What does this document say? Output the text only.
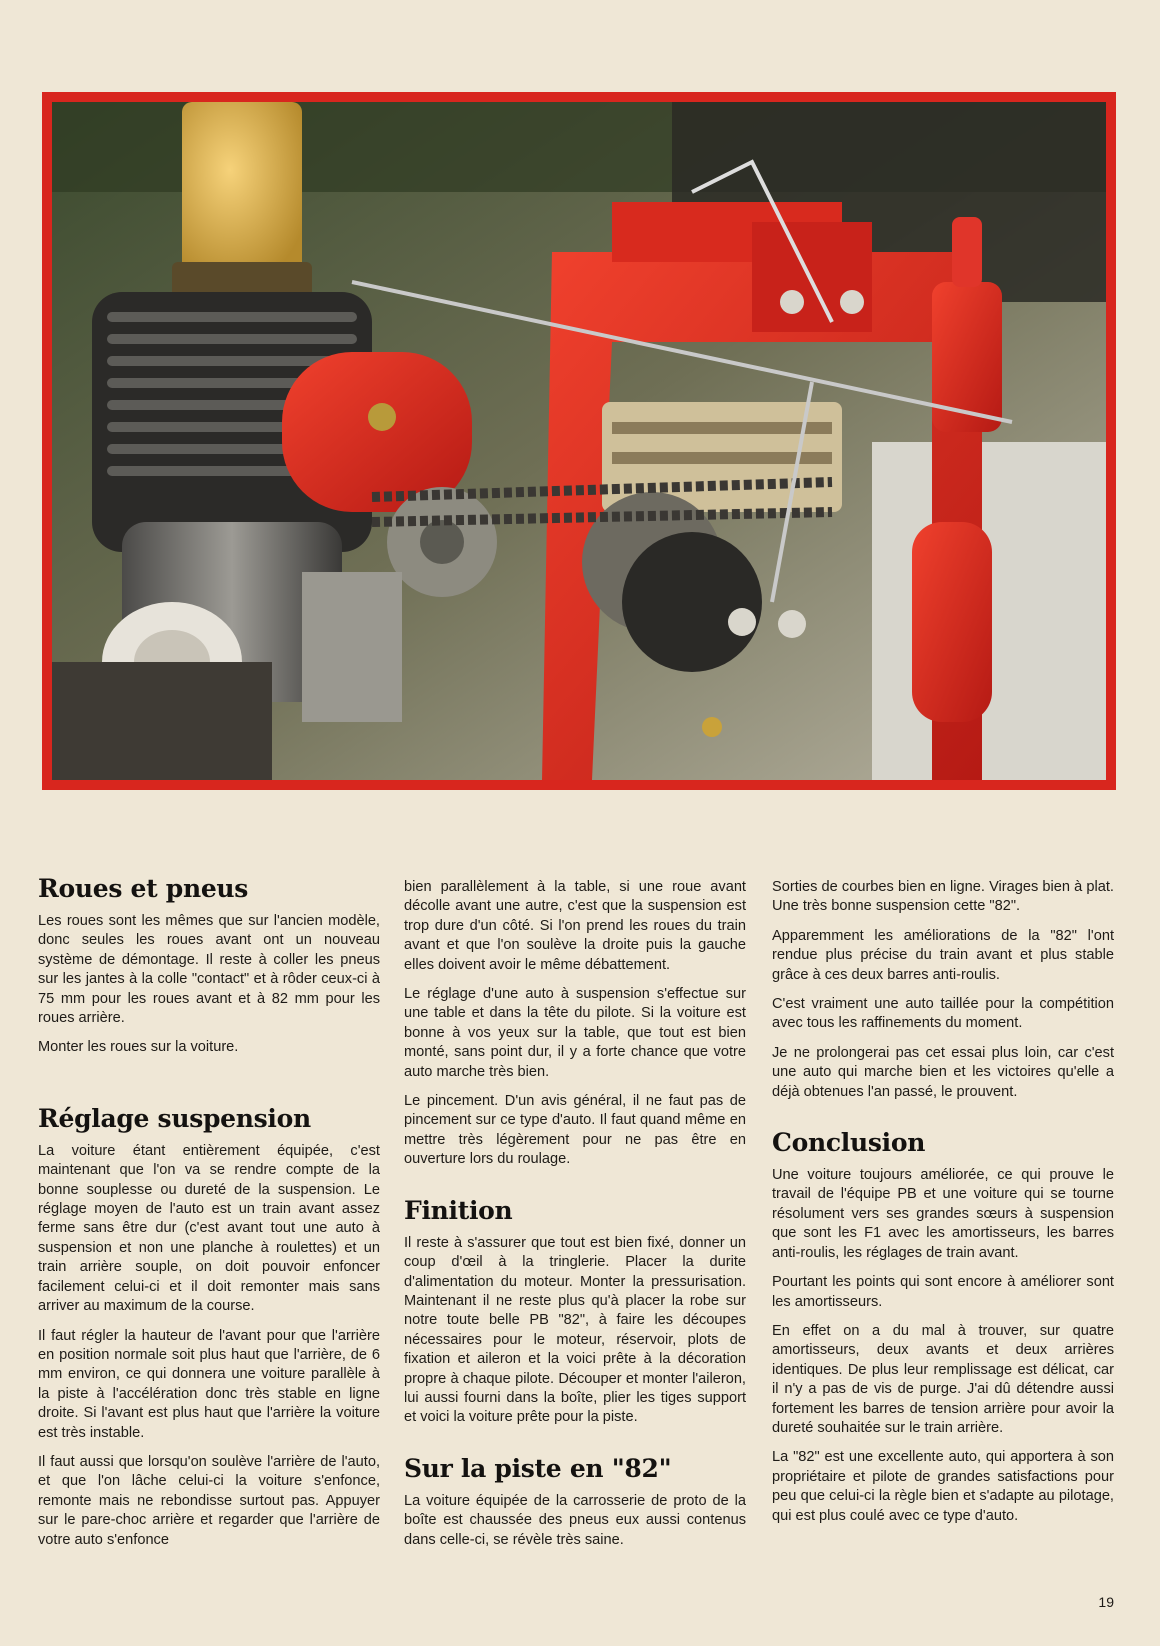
Roues et pneus

Les roues sont les mêmes que sur l'ancien modèle, donc seules les roues avant ont un nouveau système de démontage. Il reste à coller les pneus sur les jantes à la colle "contact" et à rôder ceux-ci à 75 mm pour les roues avant et à 82 mm pour les roues arrière.

Monter les roues sur la voiture.

Réglage suspension

La voiture étant entièrement équipée, c'est maintenant que l'on va se rendre compte de la bonne souplesse ou dureté de la suspension. Le réglage moyen de l'auto est un train avant assez ferme sans être dur (c'est avant tout une auto à suspension et non une planche à roulettes) et un train arrière souple, on doit pouvoir enfoncer facilement celui-ci et il doit remonter mais sans arriver au maximum de la course.

Il faut régler la hauteur de l'avant pour que l'arrière en position normale soit plus haut que l'arrière, de 6 mm environ, ce qui donnera une voiture parallèle à la piste à l'accélération donc très stable en ligne droite. Si l'avant est plus haut que l'arrière la voiture est très instable.

Il faut aussi que lorsqu'on soulève l'arrière de l'auto, et que l'on lâche celui-ci la voiture s'enfonce, remonte mais ne rebondisse surtout pas. Appuyer sur le pare-choc arrière et regarder que l'arrière de votre auto s'enfonce

bien parallèlement à la table, si une roue avant décolle avant une autre, c'est que la suspension est trop dure d'un côté. Si l'on prend les roues du train avant et que l'on soulève la droite puis la gauche elles doivent avoir le même débattement.

Le réglage d'une auto à suspension s'effectue sur une table et dans la tête du pilote. Si la voiture est bonne à vos yeux sur la table, que tout est bien monté, sans point dur, il y a forte chance que votre auto marche très bien.

Le pincement. D'un avis général, il ne faut pas de pincement sur ce type d'auto. Il faut quand même en mettre très légèrement pour ne pas être en ouverture lors du roulage.

Finition

Il reste à s'assurer que tout est bien fixé, donner un coup d'œil à la tringlerie. Placer la durite d'alimentation du moteur. Monter la pressurisation. Maintenant il ne reste plus qu'à placer la robe sur notre toute belle PB "82", à faire les découpes nécessaires pour le moteur, réservoir, plots de fixation et aileron et la voici prête à la décoration propre à chaque pilote. Découper et monter l'aileron, lui aussi fourni dans la boîte, plier les tiges support et voici la voiture prête pour la piste.

Sur la piste en "82"

La voiture équipée de la carrosserie de proto de la boîte est chaussée des pneus eux aussi contenus dans celle-ci, se révèle très saine.

Sorties de courbes bien en ligne. Virages bien à plat. Une très bonne suspension cette "82".

Apparemment les améliorations de la "82" l'ont rendue plus précise du train avant et plus stable grâce à ces deux barres anti-roulis.

C'est vraiment une auto taillée pour la compétition avec tous les raffinements du moment.

Je ne prolongerai pas cet essai plus loin, car c'est une auto qui marche bien et les victoires qu'elle a déjà obtenues l'an passé, le prouvent.

Conclusion

Une voiture toujours améliorée, ce qui prouve le travail de l'équipe PB et une voiture qui se tourne résolument vers ses grandes sœurs à suspension que sont les F1 avec les amortisseurs, les barres anti-roulis, les réglages de train avant.

Pourtant les points qui sont encore à améliorer sont les amortisseurs.

En effet on a du mal à trouver, sur quatre amortisseurs, deux avants et deux arrières identiques. De plus leur remplissage est délicat, car il n'y a pas de vis de purge. J'ai dû détendre aussi fortement les barres de tension arrière pour avoir la dureté souhaitée sur le train arrière.

La "82" est une excellente auto, qui apportera à son propriétaire et pilote de grandes satisfactions pour peu que celui-ci la règle bien et s'adapte au pilotage, qui est plus coulé avec ce type d'auto.

19
